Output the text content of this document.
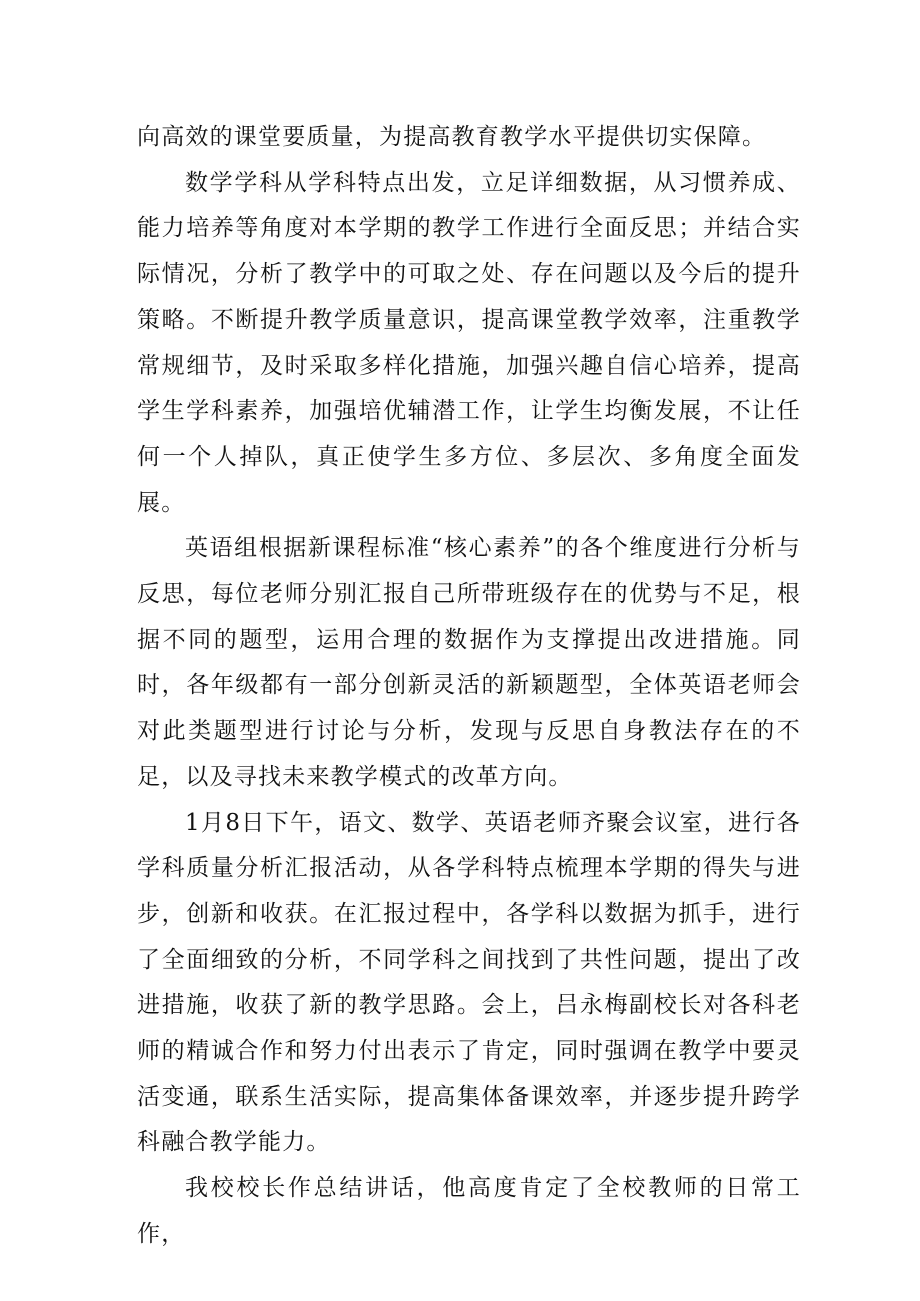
向高效的课堂要质量，为提高教育教学水平提供切实保障。

数学学科从学科特点出发，立足详细数据，从习惯养成、能力培养等角度对本学期的教学工作进行全面反思；并结合实际情况，分析了教学中的可取之处、存在问题以及今后的提升策略。不断提升教学质量意识，提高课堂教学效率，注重教学常规细节，及时采取多样化措施，加强兴趣自信心培养，提高学生学科素养，加强培优辅潜工作，让学生均衡发展，不让任何一个人掉队，真正使学生多方位、多层次、多角度全面发展。

英语组根据新课程标准“核心素养”的各个维度进行分析与反思，每位老师分别汇报自己所带班级存在的优势与不足，根据不同的题型，运用合理的数据作为支撑提出改进措施。同时，各年级都有一部分创新灵活的新颖题型，全体英语老师会对此类题型进行讨论与分析，发现与反思自身教法存在的不足，以及寻找未来教学模式的改革方向。

1月8日下午，语文、数学、英语老师齐聚会议室，进行各学科质量分析汇报活动，从各学科特点梳理本学期的得失与进步，创新和收获。在汇报过程中，各学科以数据为抓手，进行了全面细致的分析，不同学科之间找到了共性问题，提出了改进措施，收获了新的教学思路。会上，吕永梅副校长对各科老师的精诚合作和努力付出表示了肯定，同时强调在教学中要灵活变通，联系生活实际，提高集体备课效率，并逐步提升跨学科融合教学能力。

我校校长作总结讲话，他高度肯定了全校教师的日常工作，
